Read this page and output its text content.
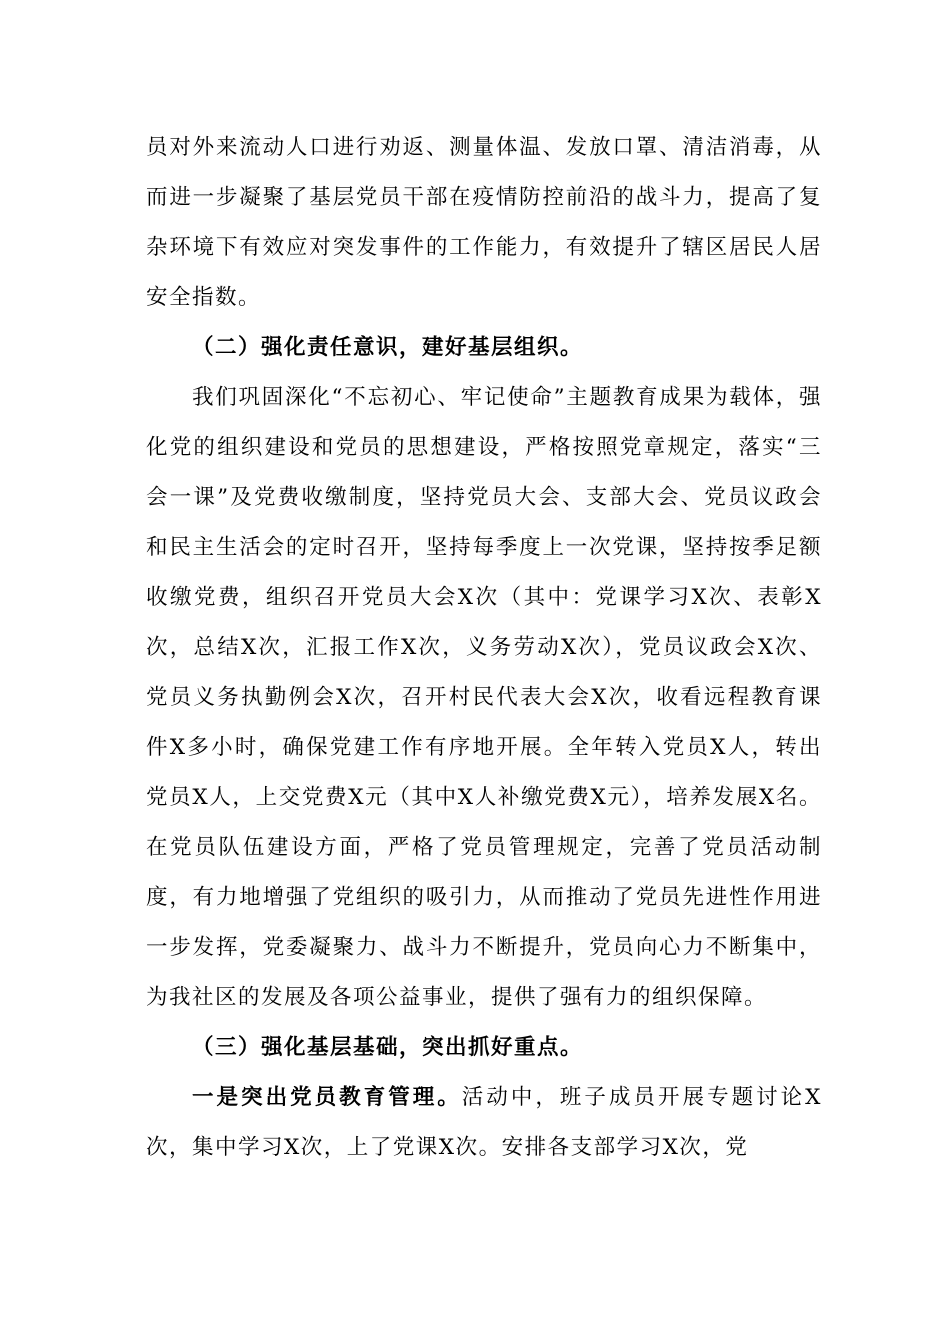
员对外来流动人口进行劝返、测量体温、发放口罩、清洁消毒，从而进一步凝聚了基层党员干部在疫情防控前沿的战斗力，提高了复杂环境下有效应对突发事件的工作能力，有效提升了辖区居民人居安全指数。

（二）强化责任意识，建好基层组织。

我们巩固深化“不忘初心、牢记使命”主题教育成果为载体，强化党的组织建设和党员的思想建设，严格按照党章规定，落实“三会一课”及党费收缴制度，坚持党员大会、支部大会、党员议政会和民主生活会的定时召开，坚持每季度上一次党课，坚持按季足额收缴党费，组织召开党员大会X次（其中：党课学习X次、表彰X次，总结X次，汇报工作X次，义务劳动X次），党员议政会X次、党员义务执勤例会X次，召开村民代表大会X次，收看远程教育课件X多小时，确保党建工作有序地开展。全年转入党员X人，转出党员X人，上交党费X元（其中X人补缴党费X元），培养发展X名。在党员队伍建设方面，严格了党员管理规定，完善了党员活动制度，有力地增强了党组织的吸引力，从而推动了党员先进性作用进一步发挥，党委凝聚力、战斗力不断提升，党员向心力不断集中，为我社区的发展及各项公益事业，提供了强有力的组织保障。

（三）强化基层基础，突出抓好重点。

一是突出党员教育管理。活动中，班子成员开展专题讨论X次，集中学习X次，上了党课X次。安排各支部学习X次，党
